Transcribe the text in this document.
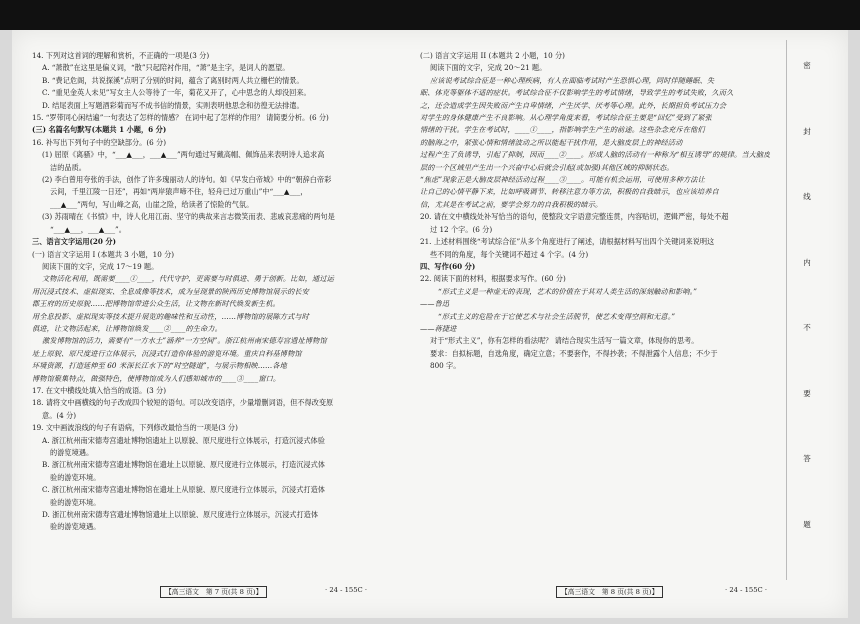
14. 下列对这首词的理解和赏析，不正确的一项是(3 分)
A. “萧散”在这里是偏义词，“散”只起陪衬作用，“萧”是主字，是词人的愿望。
B. “费记危阁，共说探溪”点明了分别的时间，蕴含了离别时两人共立栅栏的情景。
C. “重见金英人未见”写女主人公等待了一年，菊花又开了，心中思念的人却没回来。
D. 结尾表面上写题酒彩菊而写不成书信的情景，实则表明他思念和彷徨无法排遣。
15. “罗带同心闲结遍”一句表达了怎样的情感？ 在词中起了怎样的作用？ 请简要分析。(6 分)
(三) 名篇名句默写(本题共 1 小题，6 分)
16. 补写出下列句子中的空缺部分。(6 分)
(1) 屈原《离骚》中，“___▲___，___▲___”两句通过写戴高帽、佩饰品来表明诗人追求高
洁的品质。
(2) 李白曾用夸张的手法，创作了许多瑰丽动人的诗句。如《早发白帝城》中的“朝辞白帝彩
云间，千里江陵一日还”，再如“两岸猿声啼不住，轻舟已过万重山”中“___▲___，
___▲___”两句，写山峰之高，山崖之险，给读者了惊险的气氛。
(3) 苏雨晴在《书愤》中，诗人化用江南、坚守的典故来言志微笑而表、悲戚哀悲痛的两句是
“___▲___，___▲___”。
三、语言文字运用(20 分)
(一) 语言文字运用 I (本题共 3 小题，10 分)
阅读下面的文字，完成 17～19 题。
文物活化利用，既需要____①____，代代守护，更需要与时俱进、勇于创新。比如，通过运
用沉浸式技术、虚拟现实、全息成像等技术，成为呈现景的陕西历史博物馆展示的长安
郡王府的历史原貌……把博物馆带进公众生活，让文物在新时代焕发新生机。
用全息投影、虚拟现实等技术提升展览的趣味性和互动性，……博物馆的展陈方式与时
俱进，让文物活起来，让博物馆焕发____②____的生命力。
激发博物馆的活力，需要有“一方水土”涵养“一方空间”。浙江杭州南宋德寿宫遗址博物馆
址上原貌、原尺度进行立体展示，沉浸式打造你体验的游览环境。重庆自科基博物馆
环境资源，打造延伸至 60 米深长江水下的“时空隧道”，与展示物相映……各地
博物馆聚集特点，做强特色，使博物馆成为人们感知城市的____③____窗口。
17. 在文中横线处填入恰当的成语。(3 分)
18. 请将文中画横线的句子改成四个较短的语句。可以改变语序，少量增删词语，但不得改变原
意。(4 分)
19. 文中画波浪线的句子有语病，下列修改最恰当的一项是(3 分)
A. 浙江杭州南宋德寿宫遗址博物馆遗址上以原貌、原尺度进行立体展示，打造沉浸式体验
的游览境遇。
B. 浙江杭州南宋德寿宫遗址博物馆在遗址上以原貌、原尺度进行立体展示，打造沉浸式体
验的游览环境。
C. 浙江杭州南宋德寿宫遗址博物馆在遗址上从原貌、原尺度进行立体展示，沉浸式打造体
验的游览环境。
D. 浙江杭州南宋德寿宫遗址博物馆遗址上以原貌、原尺度进行立体展示，沉浸式打造体
验的游览境遇。
(二) 语言文字运用 II (本题共 2 小题，10 分)
阅读下面的文字，完成 20～21 题。
应该说考试综合征是一种心理疾病，有人在面临考试时产生恐惧心理，同时伴随睡眠、失
眠、体克等躯体不适的症状。考试综合征不仅影响学生的考试情绪，导致学生的考试失败，久而久
之，还会造成学生因失败而产生自卑情绪，产生厌学、厌考等心理。此外，长期担负考试压力会
对学生的身体健康产生不良影响。从心理学角度来看，考试综合征主要是“回忆”受到了紧张
情绪的干扰。学生在考试时，____①____，指影响学生产生的前途。这些杂念充斥在他们
的脑海之中，紧张心情和情绪波动之所以能起干扰作用，是大脑皮层上的神经活动
过程产生了负诱导，引起了抑制，因而____②____。形成人脑的活动有一种称为“相互诱导”的规律。当大脑皮
层的一个区域里产生出一个兴奋中心后就会引起(或加强)其他区域的抑制状态。
“焦虑”现象正是大脑皮层神经活动过程____③____。可能有机会运用，可使用多种方法让
让自己的心情平静下来，比如呼吸调节、转移注意力等方法，积极的自我暗示，也应该培养自
信，尤其是在考试之前，要学会努力的自我积极的暗示。
20. 请在文中横线处补写恰当的语句，使整段文字语意完整连贯，内容贴切，逻辑严密，每处不超
过 12 个字。(6 分)
21. 上述材料围绕“考试综合征”从多个角度进行了阐述，请根据材料写出四个关键词来说明这
些不同的角度，每个关键词不超过 4 个字。(4 分)
四、写作(60 分)
22. 阅读下面的材料，根据要求写作。(60 分)
“形式主义是一种虚无的表现，艺术的价值在于其对人类生活的深刻触动和影响。”
——鲁迅
“形式主义的危险在于它使艺术与社会生活脱节，使艺术变得空洞和无意。”
——蒋捷进
对于“形式主义”，你有怎样的看法呢？ 请结合现实生活写一篇文章，体现你的思考。
要求：自拟标题，自选角度，确定立意；不要套作，不得抄袭；不得泄露个人信息；不少于
800 字。
【高三语文　第 7 页(共 8 页)】	· 24 - 155C ·	【高三语文　第 8 页(共 8 页)】	· 24 - 155C ·
密
封
线
内
不
要
答
题
